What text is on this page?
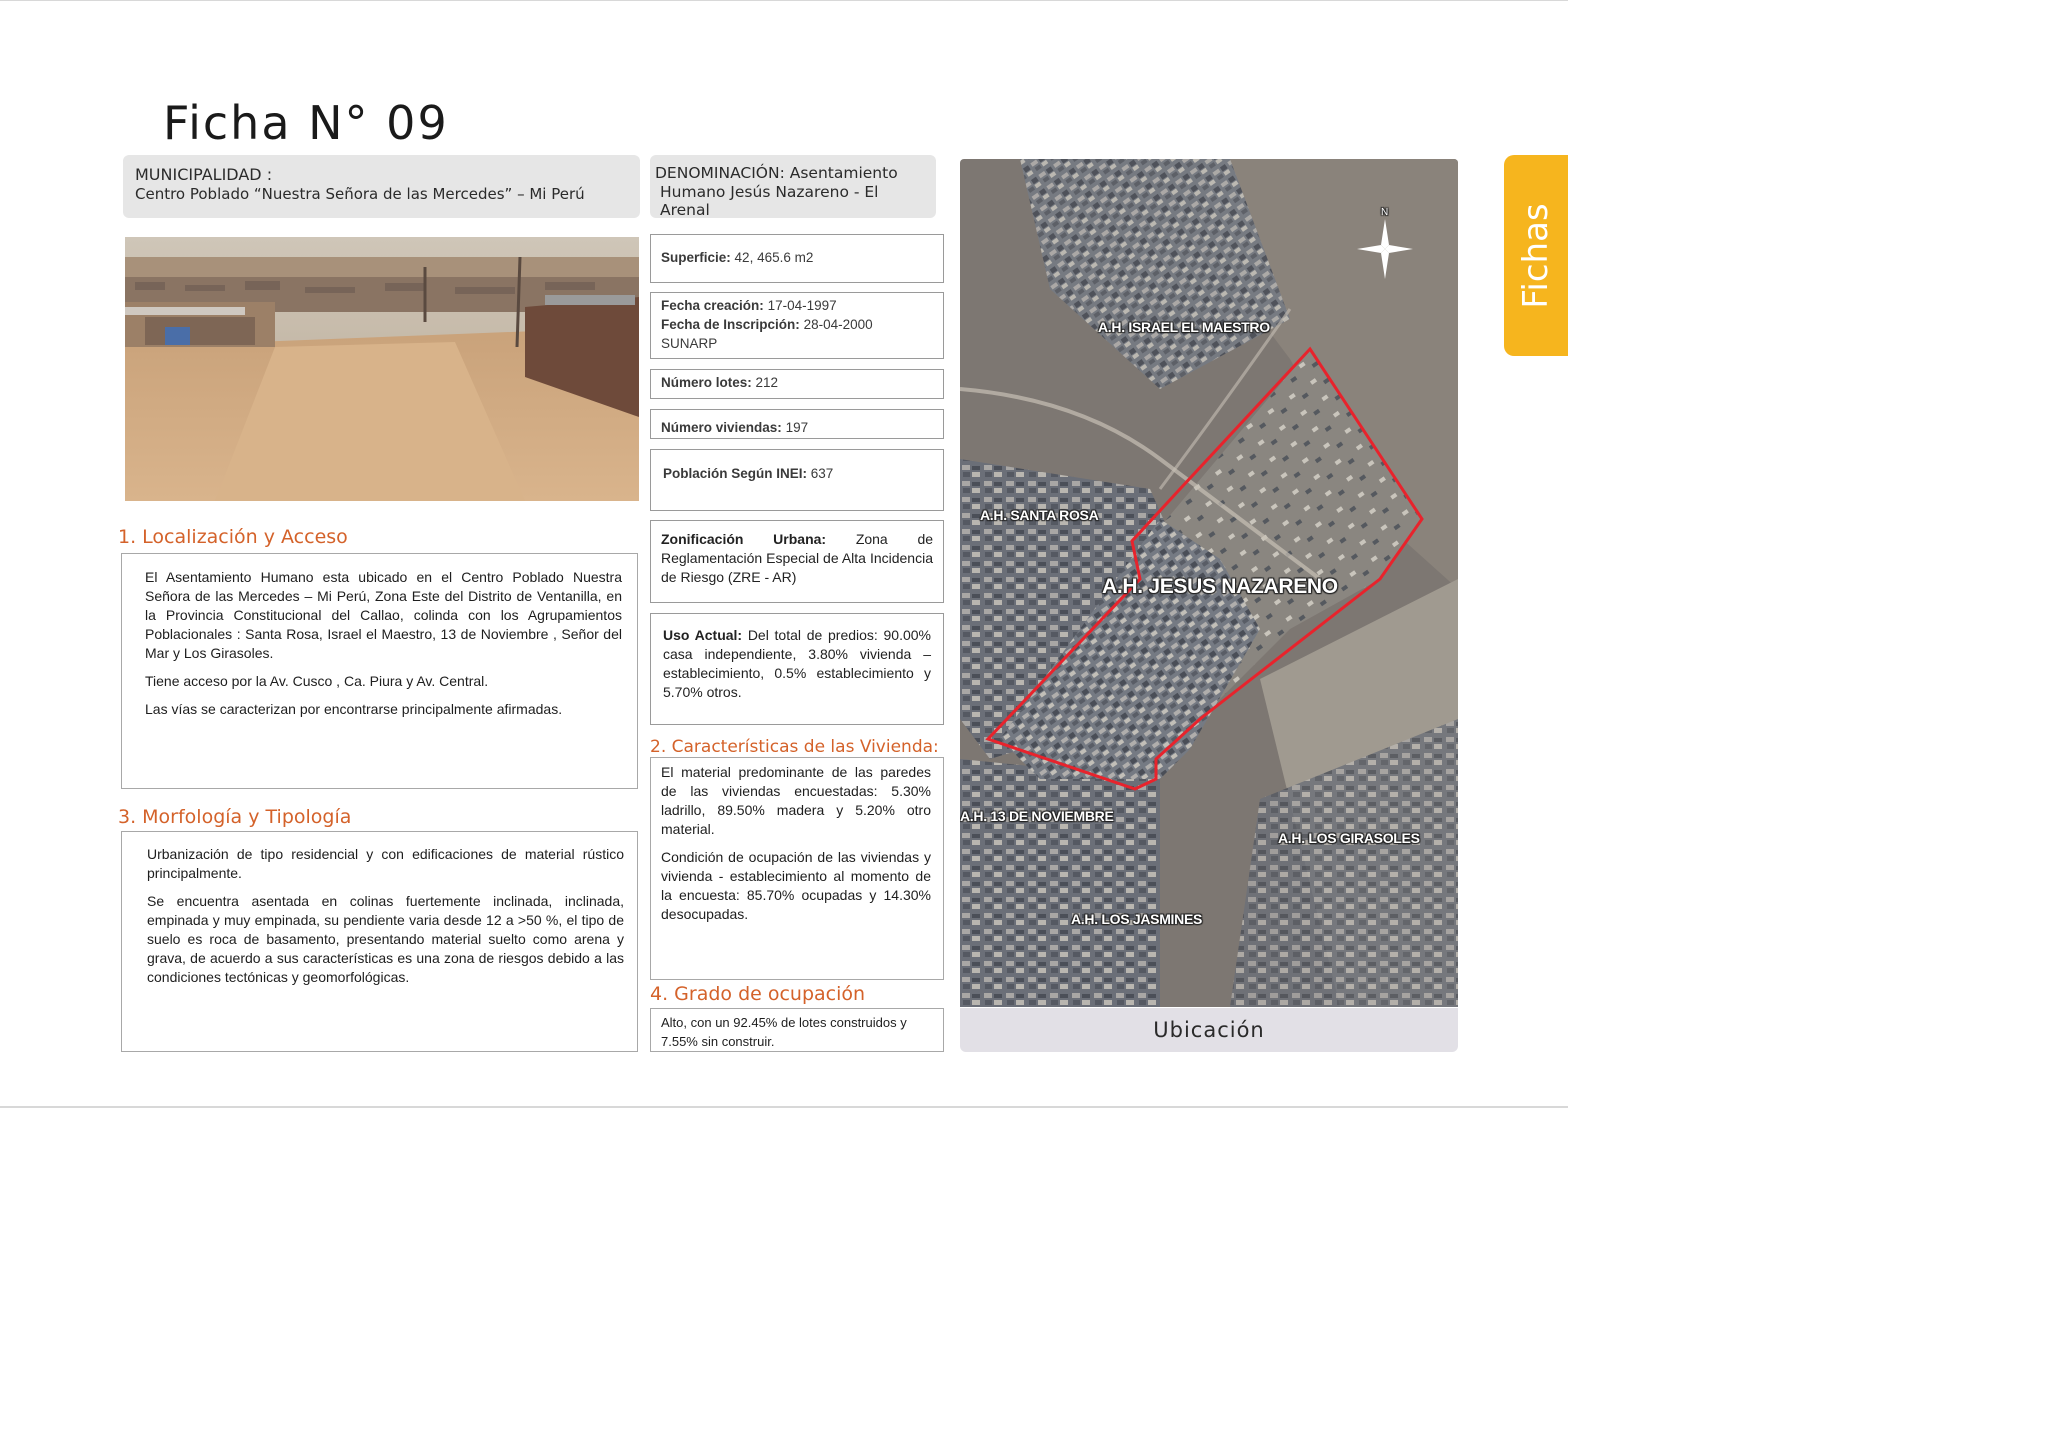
Ficha N° 09
MUNICIPALIDAD :
Centro Poblado “Nuestra Señora de las Mercedes” – Mi Perú
DENOMINACIÓN: Asentamiento
Humano Jesús Nazareno - El Arenal
1. Localización y Acceso

El Asentamiento Humano esta ubicado en el Centro Poblado Nuestra Señora de las Mercedes – Mi Perú, Zona Este del Distrito de Ventanilla, en la Provincia Constitucional del Callao, colinda con los Agrupamientos Poblacionales : Santa Rosa, Israel el Maestro, 13 de Noviembre , Señor del Mar y Los Girasoles.

Tiene acceso por la Av. Cusco , Ca. Piura y Av. Central.

Las vías se caracterizan por encontrarse principalmente afirmadas.

3. Morfología y Tipología

Urbanización de tipo residencial y con edificaciones de material rústico principalmente.

Se encuentra asentada en colinas fuertemente inclinada, inclinada, empinada y muy empinada, su pendiente varia desde 12 a >50 %, el tipo de suelo es roca de basamento, presentando material suelto como arena y grava, de acuerdo a sus características es una zona de riesgos debido a las condiciones tectónicas y geomorfológicas.

Superficie: 42, 465.6 m2
Fecha creación: 17-04-1997
Fecha de Inscripción: 28-04-2000
SUNARP
Número lotes: 212
Número viviendas: 197
Población Según INEI: 637
Zonificación Urbana: Zona de Reglamentación Especial de Alta Incidencia de Riesgo (ZRE - AR)
Uso Actual: Del total de predios: 90.00% casa independiente, 3.80% vivienda – establecimiento, 0.5% establecimiento y 5.70% otros.
2. Características de las Vivienda:

El material predominante de las paredes de las viviendas encuestadas: 5.30% ladrillo, 89.50% madera y 5.20% otro material.

Condición de ocupación de las viviendas y vivienda - establecimiento al momento de la encuesta: 85.70% ocupadas y 14.30% desocupadas.

4. Grado de ocupación
Alto, con un 92.45% de lotes construidos y 7.55% sin construir.
N
A.H. ISRAEL EL MAESTRO
A.H. SANTA ROSA
A.H. JESUS NAZARENO
A.H. 13 DE NOVIEMBRE
A.H. LOS GIRASOLES
A.H. LOS JASMINES
Ubicación
Fichas
